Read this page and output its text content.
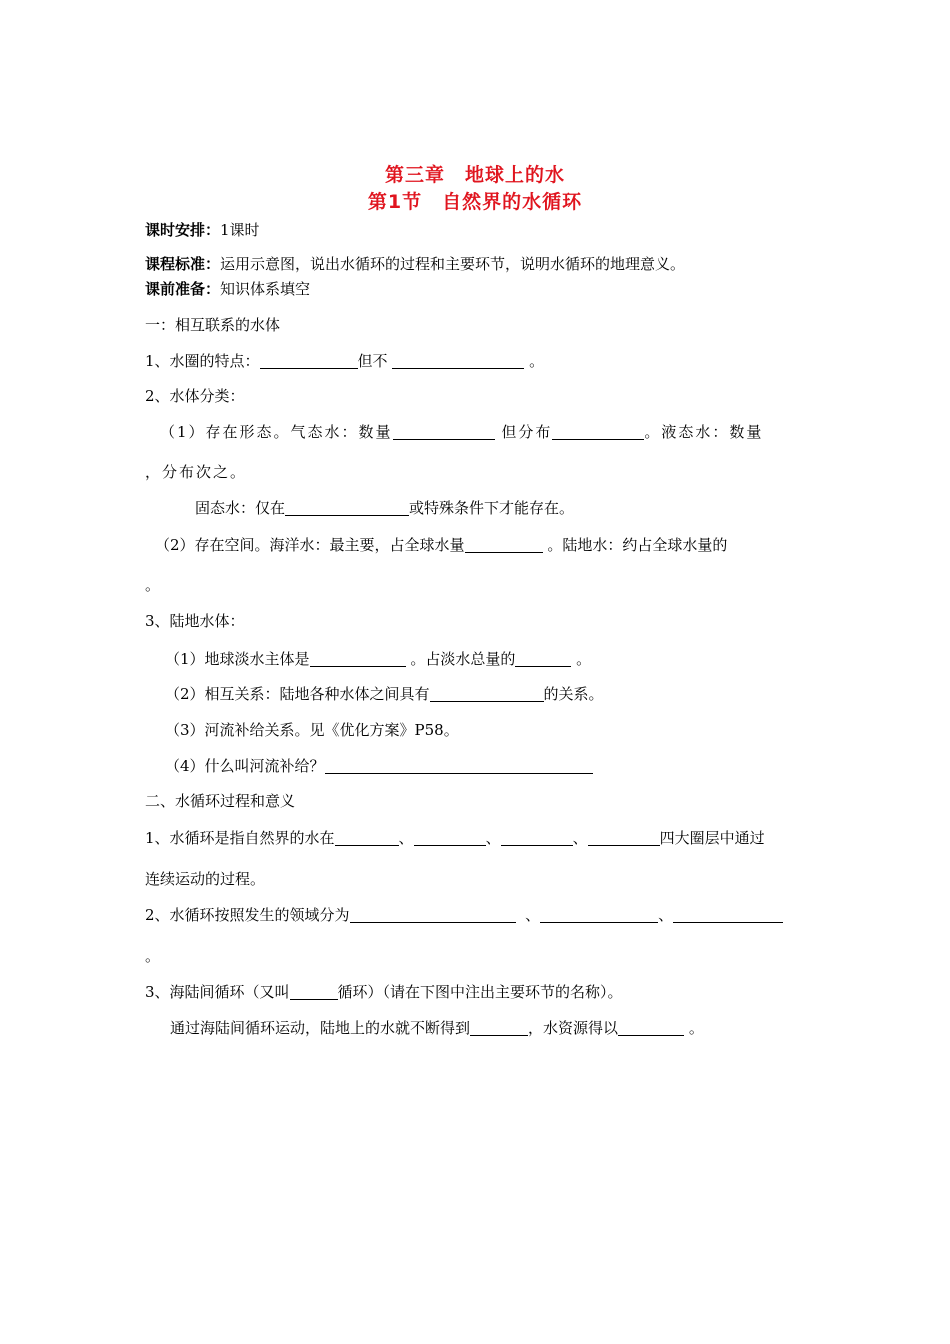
第三章　地球上的水
第1节　自然界的水循环
课时安排：1课时
课程标准：运用示意图，说出水循环的过程和主要环节，说明水循环的地理意义。
课前准备：知识体系填空
一：相互联系的水体
1、水圈的特点：	但不	。
2、水体分类：
（1）存在形态。气态水：数量	但分布	。液态水：数量
，分布次之。
固态水：仅在	或特殊条件下才能存在。
（2）存在空间。海洋水：最主要，占全球水量	。陆地水：约占全球水量的
。
3、陆地水体：
（1）地球淡水主体是	。占淡水总量的	。
（2）相互关系：陆地各种水体之间具有	的关系。
（3）河流补给关系。见《优化方案》P58。
（4）什么叫河流补给？
二、水循环过程和意义
1、水循环是指自然界的水在	、	、	、	四大圈层中通过
连续运动的过程。
2、水循环按照发生的领域分为	、	、
。
3、海陆间循环（又叫	循环）（请在下图中注出主要环节的名称）。
通过海陆间循环运动，陆地上的水就不断得到	，水资源得以	。
